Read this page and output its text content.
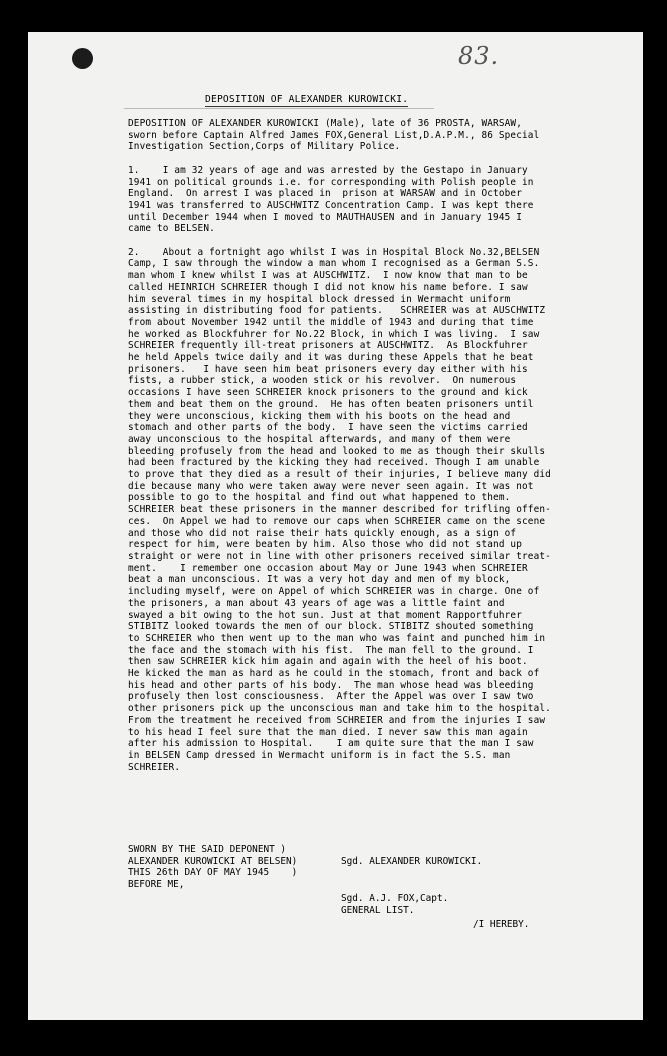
83.
DEPOSITION OF ALEXANDER KUROWICKI.
DEPOSITION OF ALEXANDER KUROWICKI (Male), late of 36 PROSTA, WARSAW,
sworn before Captain Alfred James FOX,General List,D.A.P.M., 86 Special
Investigation Section,Corps of Military Police.
1.    I am 32 years of age and was arrested by the Gestapo in January
1941 on political grounds i.e. for corresponding with Polish people in
England.  On arrest I was placed in  prison at WARSAW and in October
1941 was transferred to AUSCHWITZ Concentration Camp. I was kept there
until December 1944 when I moved to MAUTHAUSEN and in January 1945 I
came to BELSEN.
2.    About a fortnight ago whilst I was in Hospital Block No.32,BELSEN
Camp, I saw through the window a man whom I recognised as a German S.S.
man whom I knew whilst I was at AUSCHWITZ.  I now know that man to be
called HEINRICH SCHREIER though I did not know his name before. I saw
him several times in my hospital block dressed in Wermacht uniform
assisting in distributing food for patients.   SCHREIER was at AUSCHWITZ
from about November 1942 until the middle of 1943 and during that time
he worked as Blockfuhrer for No.22 Block, in which I was living.  I saw
SCHREIER frequently ill-treat prisoners at AUSCHWITZ.  As Blockfuhrer
he held Appels twice daily and it was during these Appels that he beat
prisoners.   I have seen him beat prisoners every day either with his
fists, a rubber stick, a wooden stick or his revolver.  On numerous
occasions I have seen SCHREIER knock prisoners to the ground and kick
them and beat them on the ground.  He has often beaten prisoners until
they were unconscious, kicking them with his boots on the head and
stomach and other parts of the body.  I have seen the victims carried
away unconscious to the hospital afterwards, and many of them were
bleeding profusely from the head and looked to me as though their skulls
had been fractured by the kicking they had received. Though I am unable
to prove that they died as a result of their injuries, I believe many did
die because many who were taken away were never seen again. It was not
possible to go to the hospital and find out what happened to them.
SCHREIER beat these prisoners in the manner described for trifling offen-
ces.  On Appel we had to remove our caps when SCHREIER came on the scene
and those who did not raise their hats quickly enough, as a sign of
respect for him, were beaten by him. Also those who did not stand up
straight or were not in line with other prisoners received similar treat-
ment.    I remember one occasion about May or June 1943 when SCHREIER
beat a man unconscious. It was a very hot day and men of my block,
including myself, were on Appel of which SCHREIER was in charge. One of
the prisoners, a man about 43 years of age was a little faint and
swayed a bit owing to the hot sun. Just at that moment Rapportfuhrer
STIBITZ looked towards the men of our block. STIBITZ shouted something
to SCHREIER who then went up to the man who was faint and punched him in
the face and the stomach with his fist.  The man fell to the ground. I
then saw SCHREIER kick him again and again with the heel of his boot.
He kicked the man as hard as he could in the stomach, front and back of
his head and other parts of his body.  The man whose head was bleeding
profusely then lost consciousness.  After the Appel was over I saw two
other prisoners pick up the unconscious man and take him to the hospital.
From the treatment he received from SCHREIER and from the injuries I saw
to his head I feel sure that the man died. I never saw this man again
after his admission to Hospital.    I am quite sure that the man I saw
in BELSEN Camp dressed in Wermacht uniform is in fact the S.S. man
SCHREIER.
SWORN BY THE SAID DEPONENT )
ALEXANDER KUROWICKI AT BELSEN)
THIS 26th DAY OF MAY 1945    )
BEFORE ME,
Sgd. ALEXANDER KUROWICKI.
Sgd. A.J. FOX,Capt.
GENERAL LIST.
/I HEREBY.
